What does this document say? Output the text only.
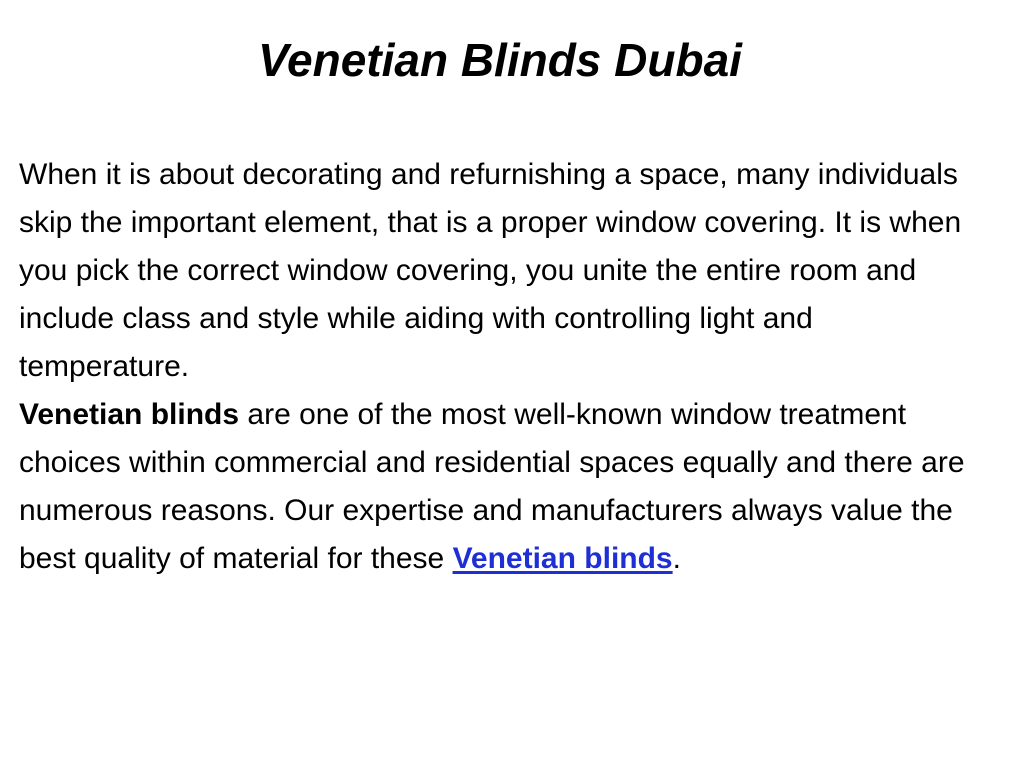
Venetian Blinds Dubai

When it is about decorating and refurnishing a space, many individuals skip the important element, that is a proper window covering. It is when you pick the correct window covering, you unite the entire room and include class and style while aiding with controlling light and temperature.

Venetian blinds are one of the most well-known window treatment choices within commercial and residential spaces equally and there are numerous reasons. Our expertise and manufacturers always value the best quality of material for these Venetian blinds.
